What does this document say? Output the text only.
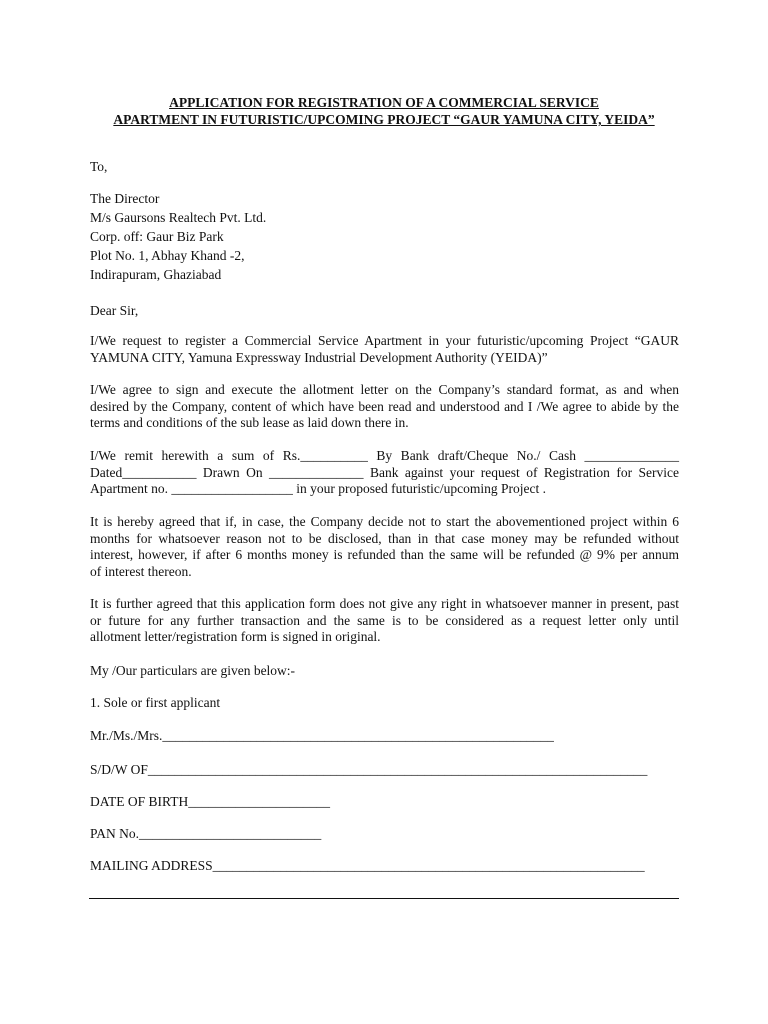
APPLICATION FOR REGISTRATION OF A COMMERCIAL SERVICE
APARTMENT IN FUTURISTIC/UPCOMING PROJECT “GAUR YAMUNA CITY, YEIDA”
To,
The Director
M/s Gaursons Realtech Pvt. Ltd.
Corp. off: Gaur Biz Park
Plot No. 1, Abhay Khand -2,
Indirapuram, Ghaziabad
Dear Sir,
I/We request to register a Commercial Service Apartment in your futuristic/upcoming Project “GAUR
YAMUNA CITY, Yamuna Expressway Industrial Development Authority (YEIDA)”
I/We agree to sign and execute the allotment letter on the Company’s standard format, as and when
desired by the Company, content of which have been read and understood and I /We agree to abide by the
terms and conditions of the sub lease as laid down there in.
I/We remit herewith a sum of Rs.__________ By Bank draft/Cheque No./ Cash ______________
Dated___________ Drawn On ______________ Bank against your request of Registration for Service
Apartment no. __________________ in your proposed futuristic/upcoming Project .
It is hereby agreed that if, in case, the Company decide not to start the abovementioned project within 6
months for whatsoever reason not to be disclosed, than in that case money may be refunded without
interest, however, if after 6 months money is refunded than the same will be refunded @ 9% per annum
of interest thereon.
It is further agreed that this application form does not give any right in whatsoever manner in present, past
or future for any further transaction and the same is to be considered as a request letter only until
allotment letter/registration form is signed in original.
My /Our particulars are given below:-
1. Sole or first applicant
Mr./Ms./Mrs.__________________________________________________________
S/D/W OF__________________________________________________________________________
DATE OF BIRTH_____________________
PAN No.___________________________
MAILING ADDRESS________________________________________________________________
